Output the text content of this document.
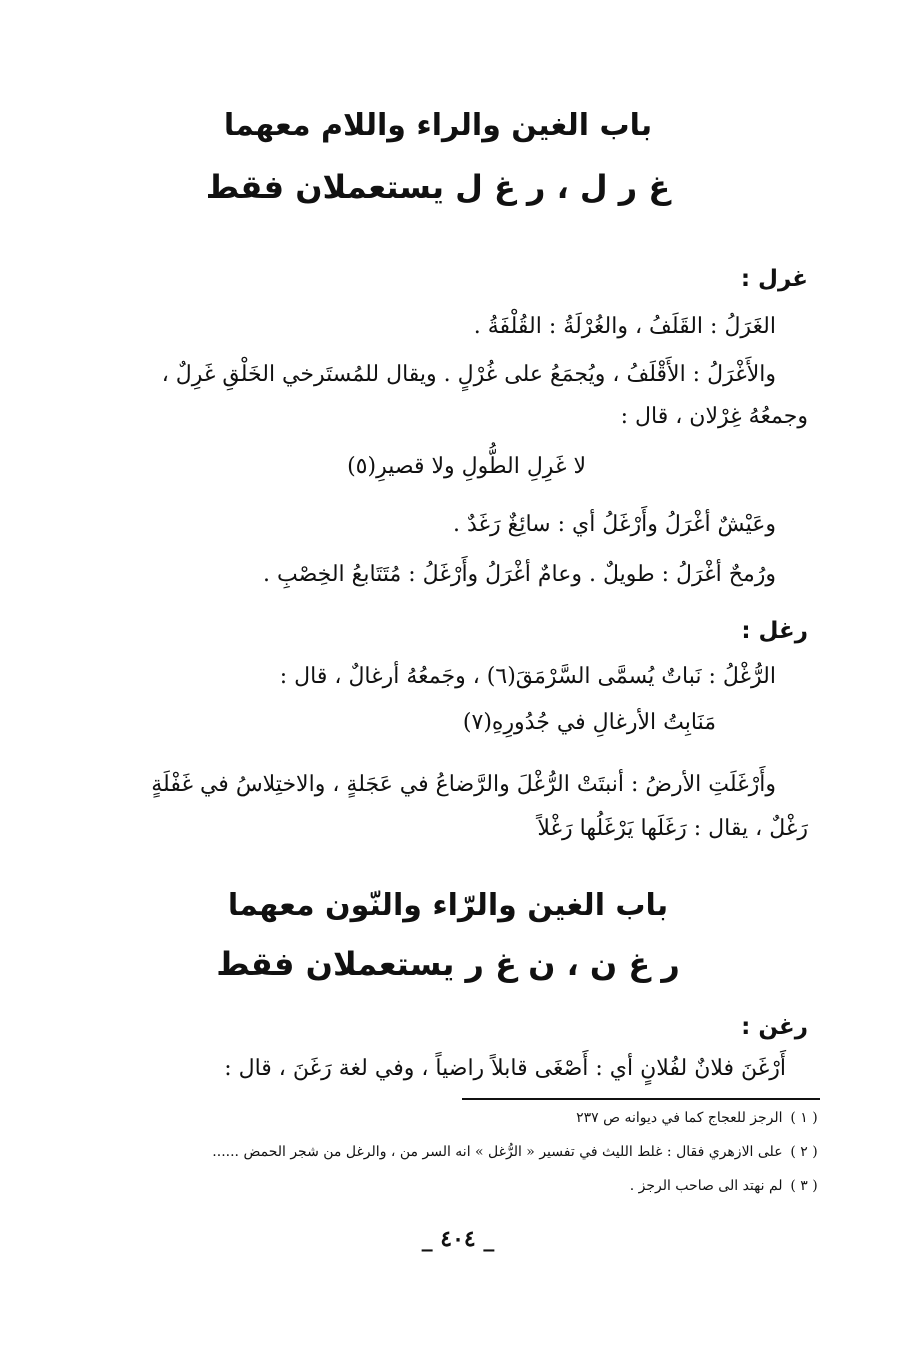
باب الغين والراء واللام معهما
غ ر ل ، ر غ ل يستعملان فقط
غرل :
الغَرَلُ : القَلَفُ ، والغُرْلَةُ : القُلْفَةُ .
والأَغْرَلُ : الأَقْلَفُ ، ويُجمَعُ على غُرْلٍ . ويقال للمُستَرخي الخَلْقِ غَرِلٌ ،
وجمعُهُ غِرْلان ، قال :
لا غَرِلِ الطُّولِ ولا قصيرِ(٥)
وعَيْشٌ أغْرَلُ وأَرْغَلُ أي : سائِغٌ رَغَدٌ .
ورُمحٌ أغْرَلُ : طويلٌ . وعامٌ أغْرَلُ وأَرْغَلُ : مُتَتَابعُ الخِصْبِ .
رغل :
الرُّغْلُ : نَباتٌ يُسمَّى السَّرْمَقَ(٦) ، وجَمعُهُ أرغالٌ ، قال :
مَنَابِتُ الأرغالِ في جُدُورِهِ(٧)
وأَرْغَلَتِ الأرضُ : أنبتَتْ الرُّغْلَ والرَّضاعُ في عَجَلةٍ ، والاختِلاسُ في غَفْلَةٍ
رَغْلٌ ، يقال : رَغَلَها يَرْغَلُها رَغْلاً
باب الغين والرّاء والنّون معهما
ر غ ن ، ن غ ر يستعملان فقط
رغن :
أَرْغَنَ فلانٌ لفُلانٍ أي : أَصْغَى قابلاً راضياً ، وفي لغة رَغَنَ ، قال :
( ١ ) الرجز للعجاج كما في ديوانه ص ٢٣٧
( ٢ ) على الازهري فقال : غلط الليث في تفسير « الرُّغل » انه السر من ، والرغل من شجر الحمض ......
( ٣ ) لم نهتد الى صاحب الرجز .
_ ٤٠٤ _
